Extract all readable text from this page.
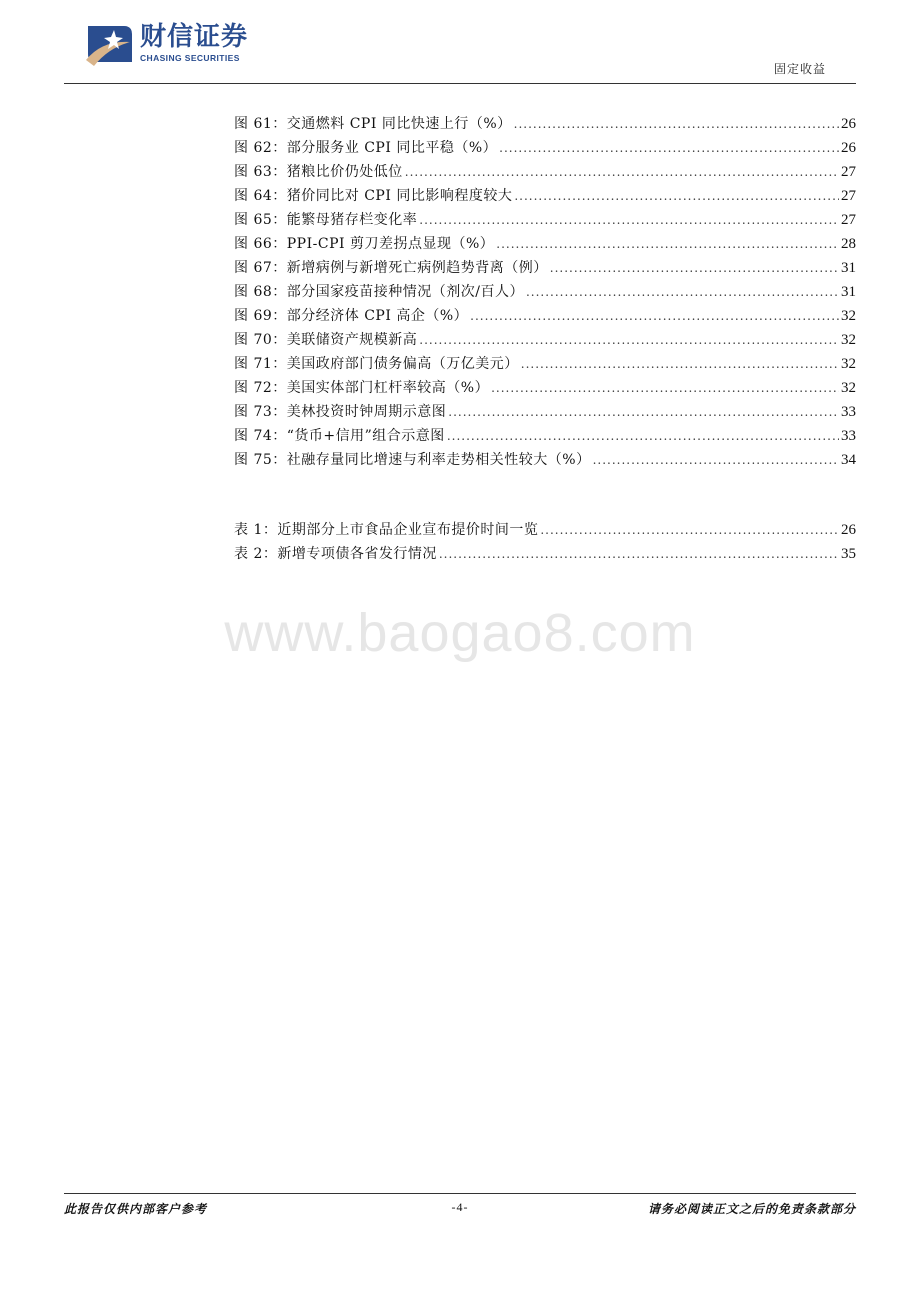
财信证券
CHASING SECURITIES
固定收益
图 61：交通燃料 CPI 同比快速上行（%） .....	26
图 62：部分服务业 CPI 同比平稳（%） .....	26
图 63：猪粮比价仍处低位 .....	27
图 64：猪价同比对 CPI 同比影响程度较大 .....	27
图 65：能繁母猪存栏变化率 .....	27
图 66：PPI-CPI 剪刀差拐点显现（%） .....	28
图 67：新增病例与新增死亡病例趋势背离（例） .....	31
图 68：部分国家疫苗接种情况（剂次/百人） .....	31
图 69：部分经济体 CPI 高企（%） .....	32
图 70：美联储资产规模新高 .....	32
图 71：美国政府部门债务偏高（万亿美元） .....	32
图 72：美国实体部门杠杆率较高（%） .....	32
图 73：美林投资时钟周期示意图 .....	33
图 74：“货币+信用”组合示意图 .....	33
图 75：社融存量同比增速与利率走势相关性较大（%） .....	34
表 1：近期部分上市食品企业宣布提价时间一览 .....	26
表 2：新增专项债各省发行情况 .....	35
www.baogao8.com
此报告仅供内部客户参考	-4-	请务必阅读正文之后的免责条款部分
